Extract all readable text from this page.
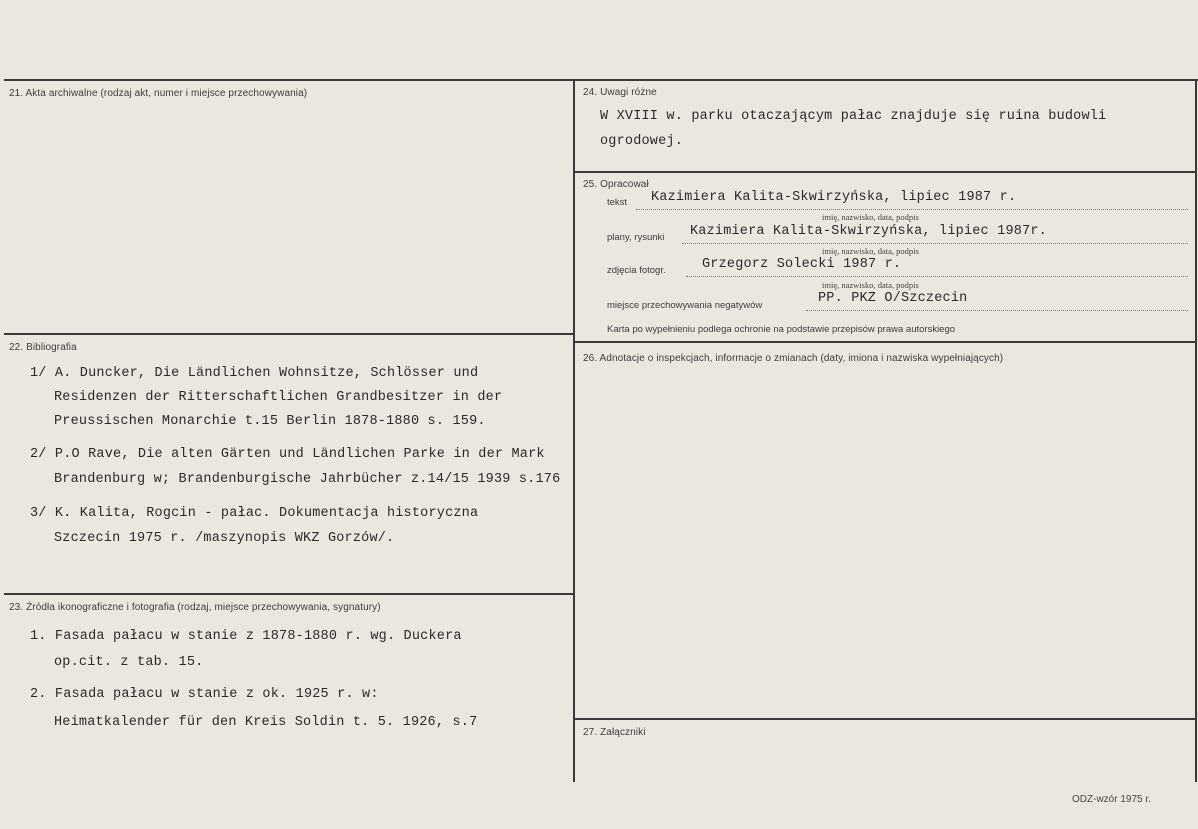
21. Akta archiwalne (rodzaj akt, numer i miejsce przechowywania)
22. Bibliografia
1/ A. Duncker, Die Ländlichen Wohnsitze, Schlösser und
Residenzen der Ritterschaftlichen Grandbesitzer in der
Preussischen Monarchie t.15 Berlin 1878-1880 s. 159.
2/ P.O Rave, Die alten Gärten und Ländlichen Parke in der Mark
Brandenburg w; Brandenburgische Jahrbücher z.14/15 1939 s.176
3/ K. Kalita, Rogcin - pałac. Dokumentacja historyczna
Szczecin 1975 r. /maszynopis WKZ Gorzów/.
23. Źródła ikonograficzne i fotografia (rodzaj, miejsce przechowywania, sygnatury)
1. Fasada pałacu w stanie z 1878-1880 r. wg. Duckera
op.cit. z tab. 15.
2. Fasada pałacu w stanie z ok. 1925 r. w:
Heimatkalender für den Kreis Soldin t. 5. 1926, s.7
24. Uwagi różne
W XVIII w. parku otaczającym pałac znajduje się ruina budowli
ogrodowej.
25. Opracował
tekst Kazimiera Kalita-Skwirzyńska, lipiec 1987 r.
imię, nazwisko, data, podpis
plany, rysunki Kazimiera Kalita-Skwirzyńska, lipiec 1987r.
imię, nazwisko, data, podpis
zdjęcia fotogr.	Grzegorz Solecki 1987 r.
imię, nazwisko, data, podpis
miejsce przechowywania negatywów	PP. PKZ O/Szczecin
Karta po wypełnieniu podlega ochronie na podstawie przepisów prawa autorskiego
26. Adnotacje o inspekcjach, informacje o zmianach (daty, imiona i nazwiska wypełniających)
27. Załączniki
ODZ-wzór 1975 r.
